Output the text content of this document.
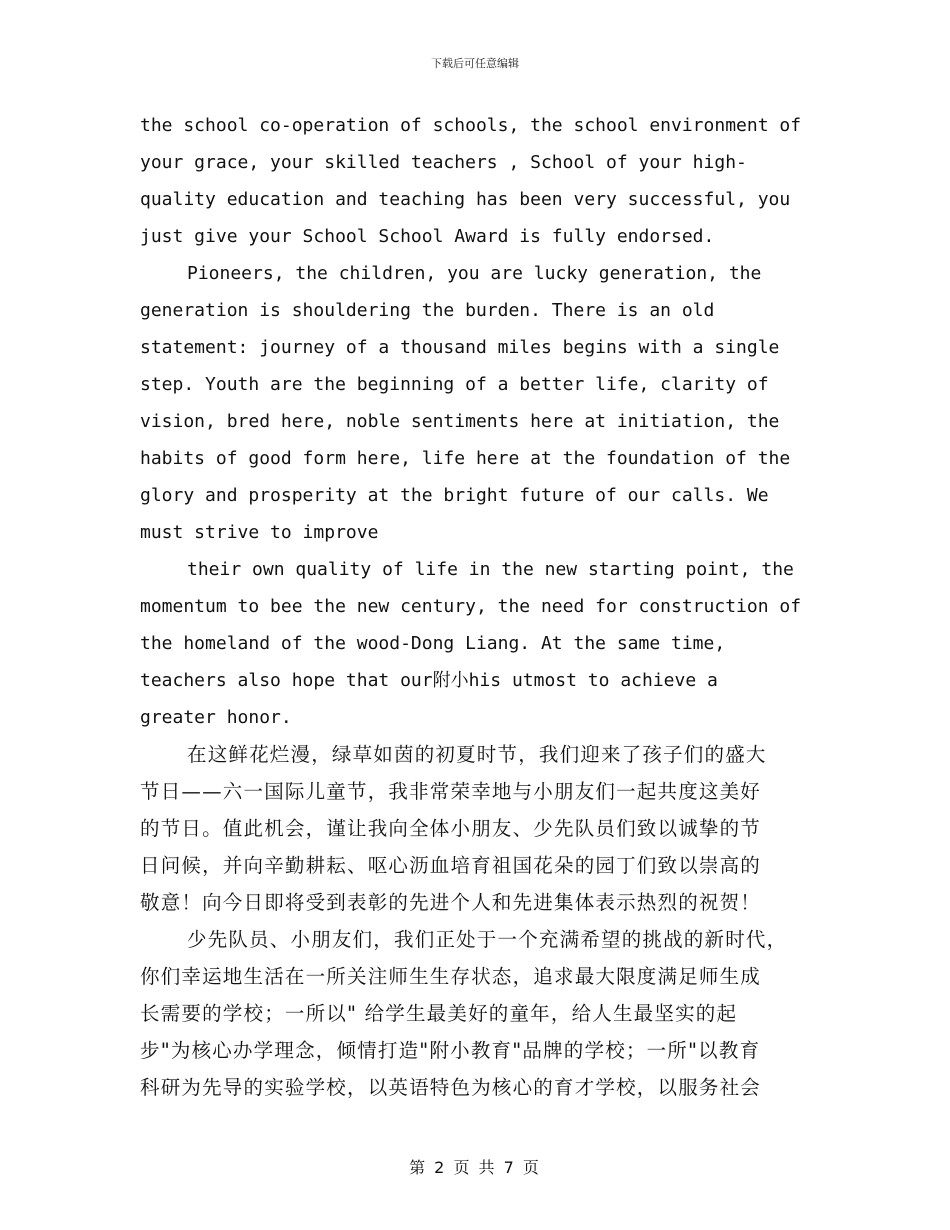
下载后可任意编辑
the school co-operation of schools, the school environment of
your grace, your skilled teachers , School of your high-
quality education and teaching has been very successful, you
just give your School School Award is fully endorsed.
Pioneers, the children, you are lucky generation, the
generation is shouldering the burden. There is an old
statement: journey of a thousand miles begins with a single
step. Youth are the beginning of a better life, clarity of
vision, bred here, noble sentiments here at initiation, the
habits of good form here, life here at the foundation of the
glory and prosperity at the bright future of our calls. We
must strive to improve
their own quality of life in the new starting point, the
momentum to bee the new century, the need for construction of
the homeland of the wood-Dong Liang. At the same time,
teachers also hope that our附小his utmost to achieve a
greater honor.
在这鲜花烂漫，绿草如茵的初夏时节，我们迎来了孩子们的盛大
节日——六一国际儿童节，我非常荣幸地与小朋友们一起共度这美好
的节日。值此机会，谨让我向全体小朋友、少先队员们致以诚挚的节
日问候，并向辛勤耕耘、呕心沥血培育祖国花朵的园丁们致以崇高的
敬意！向今日即将受到表彰的先进个人和先进集体表示热烈的祝贺！
少先队员、小朋友们，我们正处于一个充满希望的挑战的新时代，
你们幸运地生活在一所关注师生生存状态，追求最大限度满足师生成
长需要的学校；一所以" 给学生最美好的童年，给人生最坚实的起
步"为核心办学理念，倾情打造"附小教育"品牌的学校；一所"以教育
科研为先导的实验学校，以英语特色为核心的育才学校，以服务社会
第 2 页 共 7 页
